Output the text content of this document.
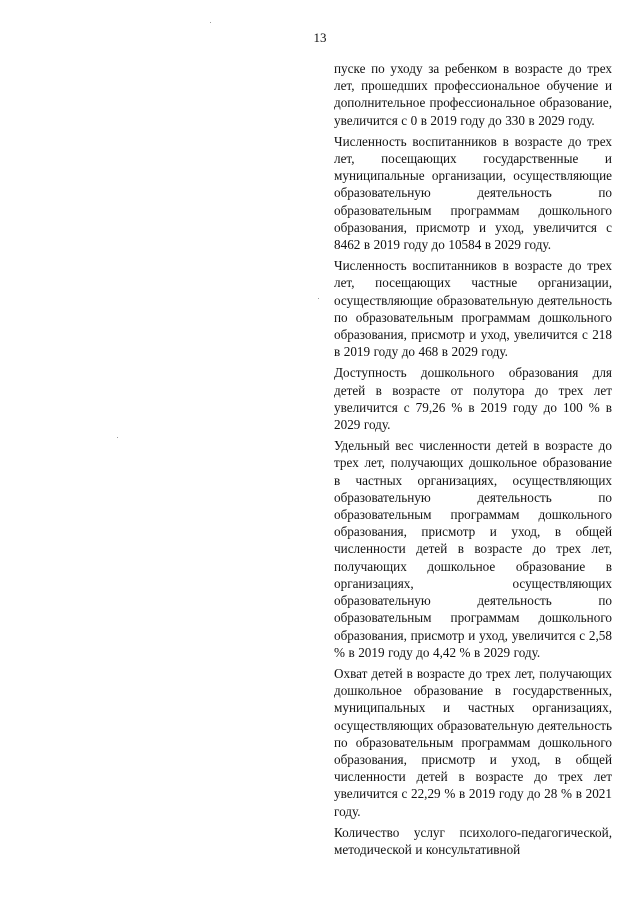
13

пуске по уходу за ребенком в возрасте до трех лет, прошедших профессиональное обучение и дополнительное профессиональное образование, увеличится с 0 в 2019 году до 330 в 2029 году.

Численность воспитанников в возрасте до трех лет, посещающих государственные и муниципальные организации, осуществляющие образовательную деятельность по образовательным программам дошкольного образования, присмотр и уход, увеличится с 8462 в 2019 году до 10584 в 2029 году.

Численность воспитанников в возрасте до трех лет, посещающих частные организации, осуществляющие образовательную деятельность по образовательным программам дошкольного образования, присмотр и уход, увеличится с 218 в 2019 году до 468 в 2029 году.

Доступность дошкольного образования для детей в возрасте от полутора до трех лет увеличится с 79,26 % в 2019 году до 100 % в 2029 году.

Удельный вес численности детей в возрасте до трех лет, получающих дошкольное образование в частных организациях, осуществляющих образовательную деятельность по образовательным программам дошкольного образования, присмотр и уход, в общей численности детей в возрасте до трех лет, получающих дошкольное образование в организациях, осуществляющих образовательную деятельность по образовательным программам дошкольного образования, присмотр и уход, увеличится с 2,58 % в 2019 году до 4,42 % в 2029 году.

Охват детей в возрасте до трех лет, получающих дошкольное образование в государственных, муниципальных и частных организациях, осуществляющих образовательную деятельность по образовательным программам дошкольного образования, присмотр и уход, в общей численности детей в возрасте до трех лет увеличится с 22,29 % в 2019 году до 28 % в 2021 году.

Количество услуг психолого-педагогической, методической и консультативной
